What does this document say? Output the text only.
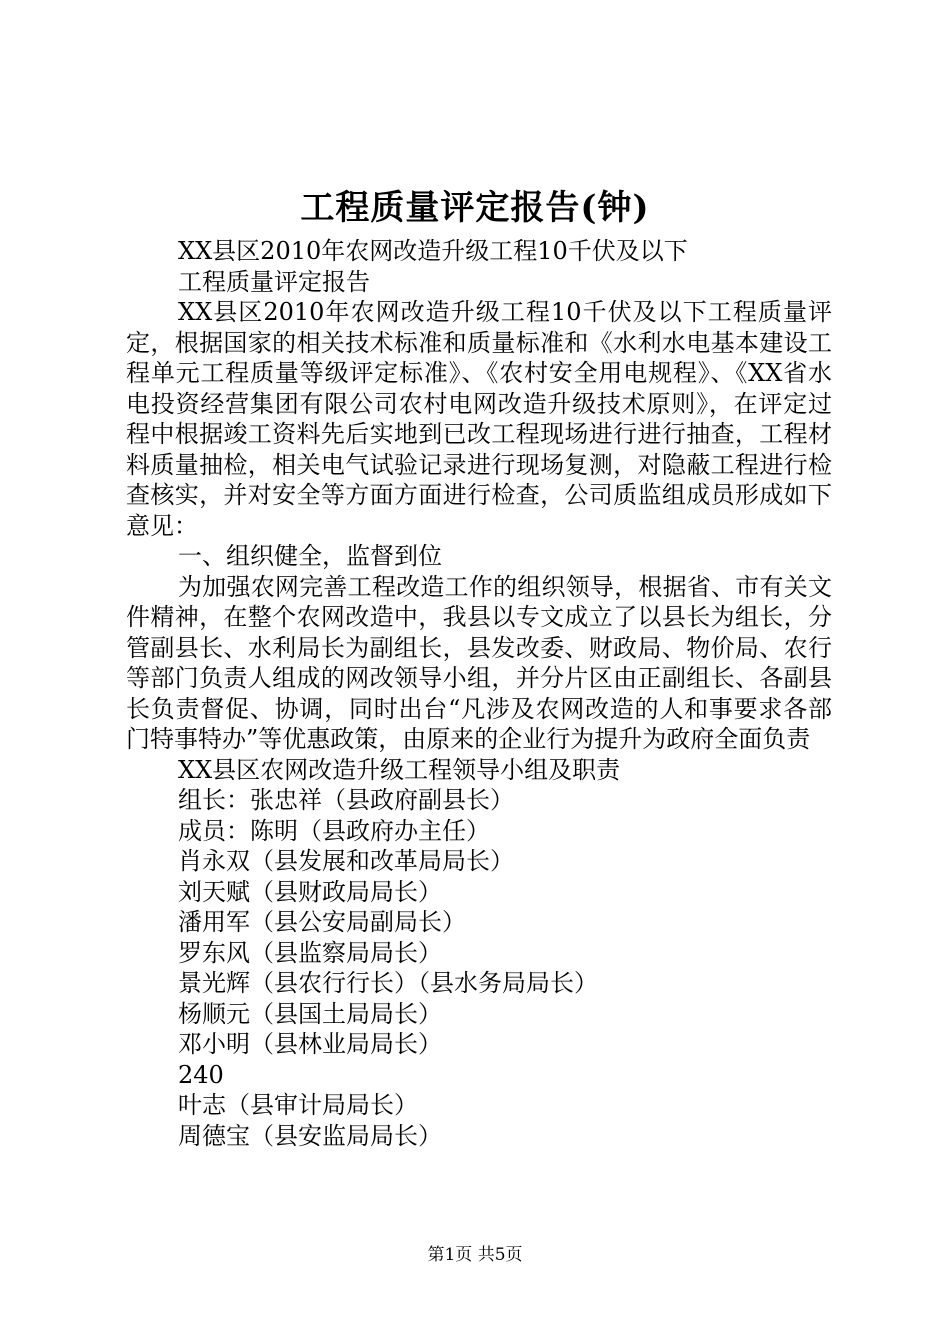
工程质量评定报告(钟)

XX县区2010年农网改造升级工程10千伏及以下

工程质量评定报告

XX县区2010年农网改造升级工程10千伏及以下工程质量评定，根据国家的相关技术标准和质量标准和《水利水电基本建设工程单元工程质量等级评定标准》、《农村安全用电规程》、《XX省水电投资经营集团有限公司农村电网改造升级技术原则》，在评定过程中根据竣工资料先后实地到已改工程现场进行进行抽查，工程材料质量抽检，相关电气试验记录进行现场复测，对隐蔽工程进行检查核实，并对安全等方面方面进行检查，公司质监组成员形成如下意见：

一、组织健全，监督到位

为加强农网完善工程改造工作的组织领导，根据省、市有关文件精神，在整个农网改造中，我县以专文成立了以县长为组长，分管副县长、水利局长为副组长，县发改委、财政局、物价局、农行等部门负责人组成的网改领导小组，并分片区由正副组长、各副县长负责督促、协调，同时出台“凡涉及农网改造的人和事要求各部门特事特办”等优惠政策，由原来的企业行为提升为政府全面负责

XX县区农网改造升级工程领导小组及职责

组长：张忠祥（县政府副县长）

成员：陈明（县政府办主任）

肖永双（县发展和改革局局长）

刘天赋（县财政局局长）

潘用军（县公安局副局长）

罗东风（县监察局局长）

景光辉（县农行行长）（县水务局局长）

杨顺元（县国土局局长）

邓小明（县林业局局长）

240

叶志（县审计局局长）

周德宝（县安监局局长）

第1页 共5页
